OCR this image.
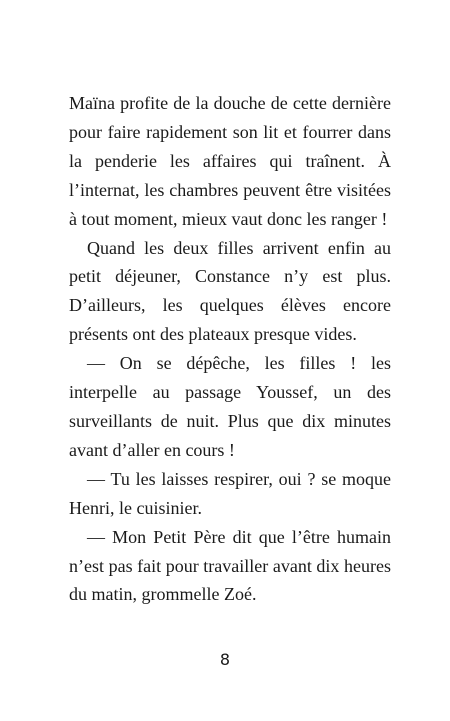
Maïna profite de la douche de cette dernière pour faire rapidement son lit et fourrer dans la penderie les affaires qui traînent. À l’internat, les chambres peuvent être visitées à tout moment, mieux vaut donc les ranger !

Quand les deux filles arrivent enfin au petit déjeuner, Constance n’y est plus. D’ailleurs, les quelques élèves encore présents ont des plateaux presque vides.

— On se dépêche, les filles ! les interpelle au passage Youssef, un des surveillants de nuit. Plus que dix minutes avant d’aller en cours !

— Tu les laisses respirer, oui ? se moque Henri, le cuisinier.

— Mon Petit Père dit que l’être humain n’est pas fait pour travailler avant dix heures du matin, grommelle Zoé.

8
